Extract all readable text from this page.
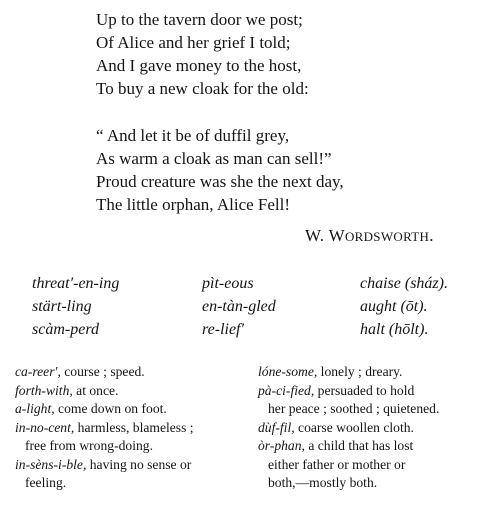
Up to the tavern door we post;
Of Alice and her grief I told;
And I gave money to the host,
To buy a new cloak for the old:
“ And let it be of duffil grey,
As warm a cloak as man can sell!”
Proud creature was she the next day,
The little orphan, Alice Fell!
W. WORDSWORTH.
threat′-en-ing
stärt-ling
scàm-perd
pìt-eous
en-tàn-gled
re-lief′
chaise (sház).
aught (ōt).
halt (hōlt).
ca-reer′, course ; speed.
forth-with, at once.
a-light, come down on foot.
in-no-cent, harmless, blameless ;
free from wrong-doing.
in-sèns-i-ble, having no sense or
feeling.
lóne-some, lonely ; dreary.
pà-ci-fied, persuaded to hold
her peace ; soothed ; quietened.
dùf-fil, coarse woollen cloth.
òr-phan, a child that has lost
either father or mother or
both,—mostly both.
